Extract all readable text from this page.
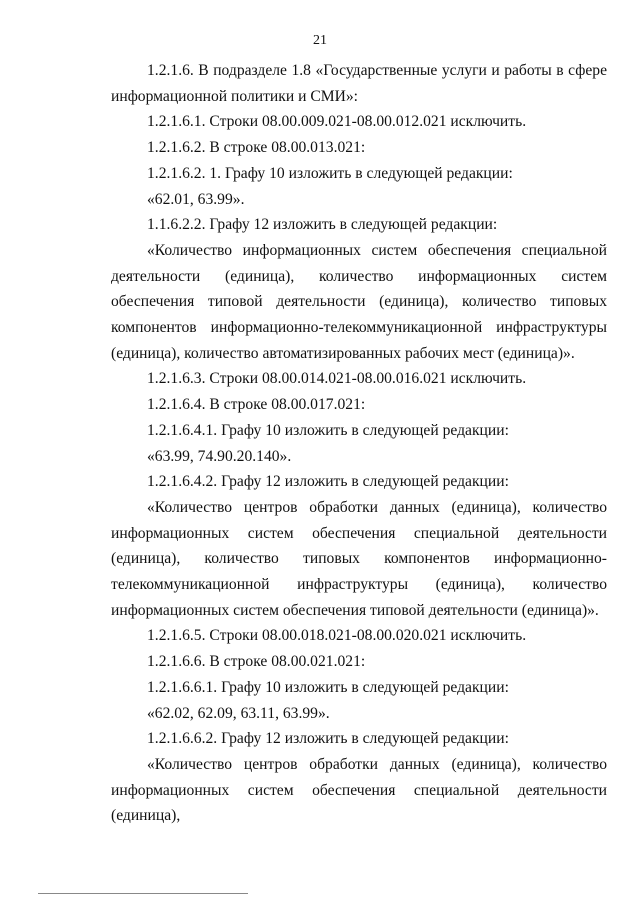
21

1.2.1.6. В подразделе 1.8 «Государственные услуги и работы в сфере информационной политики и СМИ»:

1.2.1.6.1. Строки 08.00.009.021-08.00.012.021 исключить.

1.2.1.6.2. В строке 08.00.013.021:

1.2.1.6.2. 1. Графу 10 изложить в следующей редакции:

«62.01, 63.99».

1.1.6.2.2. Графу 12 изложить в следующей редакции:

«Количество информационных систем обеспечения специальной деятельности (единица), количество информационных систем обеспечения типовой деятельности (единица), количество типовых компонентов информационно-телекоммуникационной инфраструктуры (единица), количество автоматизированных рабочих мест (единица)».

1.2.1.6.3. Строки 08.00.014.021-08.00.016.021 исключить.

1.2.1.6.4. В строке 08.00.017.021:

1.2.1.6.4.1. Графу 10 изложить в следующей редакции:

«63.99, 74.90.20.140».

1.2.1.6.4.2. Графу 12 изложить в следующей редакции:

«Количество центров обработки данных (единица), количество информационных систем обеспечения специальной деятельности (единица), количество типовых компонентов информационно-телекоммуникационной инфраструктуры (единица), количество информационных систем обеспечения типовой деятельности (единица)».

1.2.1.6.5. Строки 08.00.018.021-08.00.020.021 исключить.

1.2.1.6.6. В строке 08.00.021.021:

1.2.1.6.6.1. Графу 10 изложить в следующей редакции:

«62.02, 62.09, 63.11, 63.99».

1.2.1.6.6.2. Графу 12 изложить в следующей редакции:

«Количество центров обработки данных (единица), количество информационных систем обеспечения специальной деятельности (единица),
